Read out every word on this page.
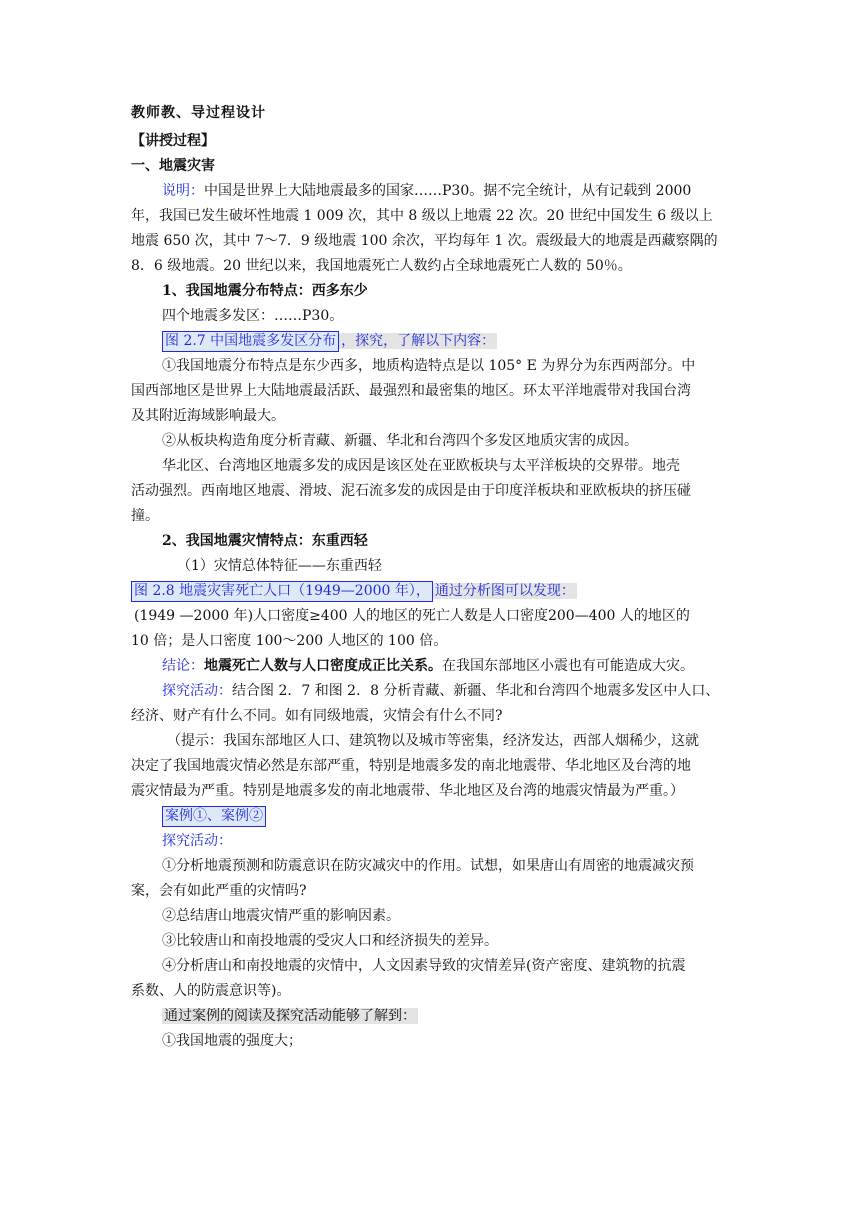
教师教、导过程设计
【讲授过程】
一、地震灾害
说明：中国是世界上大陆地震最多的国家……P30。据不完全统计，从有记载到 2000
年，我国已发生破坏性地震 1 009 次，其中 8 级以上地震 22 次。20 世纪中国发生 6 级以上
地震 650 次，其中 7～7．9 级地震 100 余次，平均每年 1 次。震级最大的地震是西藏察隅的
8．6 级地震。20 世纪以来，我国地震死亡人数约占全球地震死亡人数的 50％。
1、我国地震分布特点：西多东少
四个地震多发区：……P30。
图 2.7 中国地震多发区分布 ，探究，了解以下内容：
①我国地震分布特点是东少西多，地质构造特点是以 105° E 为界分为东西两部分。中
国西部地区是世界上大陆地震最活跃、最强烈和最密集的地区。环太平洋地震带对我国台湾
及其附近海域影响最大。
②从板块构造角度分析青藏、新疆、华北和台湾四个多发区地质灾害的成因。
华北区、台湾地区地震多发的成因是该区处在亚欧板块与太平洋板块的交界带。地壳
活动强烈。西南地区地震、滑坡、泥石流多发的成因是由于印度洋板块和亚欧板块的挤压碰
撞。
2、我国地震灾情特点：东重西轻
（1）灾情总体特征——东重西轻
图 2.8 地震灾害死亡人口（1949—2000 年）， 通过分析图可以发现：
(1949 —2000 年)人口密度≥400 人的地区的死亡人数是人口密度200—400 人的地区的
10 倍；是人口密度 100～200 人地区的 100 倍。
结论：地震死亡人数与人口密度成正比关系。在我国东部地区小震也有可能造成大灾。
探究活动：结合图 2．7 和图 2．8 分析青藏、新疆、华北和台湾四个地震多发区中人口、
经济、财产有什么不同。如有同级地震，灾情会有什么不同?
（提示：我国东部地区人口、建筑物以及城市等密集，经济发达，西部人烟稀少，这就
决定了我国地震灾情必然是东部严重，特别是地震多发的南北地震带、华北地区及台湾的地
震灾情最为严重。特别是地震多发的南北地震带、华北地区及台湾的地震灾情最为严重。）
案例①、案例②
探究活动：
①分析地震预测和防震意识在防灾减灾中的作用。试想，如果唐山有周密的地震减灾预
案，会有如此严重的灾情吗?
②总结唐山地震灾情严重的影响因素。
③比较唐山和南投地震的受灾人口和经济损失的差异。
④分析唐山和南投地震的灾情中，人文因素导致的灾情差异(资产密度、建筑物的抗震
系数、人的防震意识等)。
通过案例的阅读及探究活动能够了解到：
①我国地震的强度大；
